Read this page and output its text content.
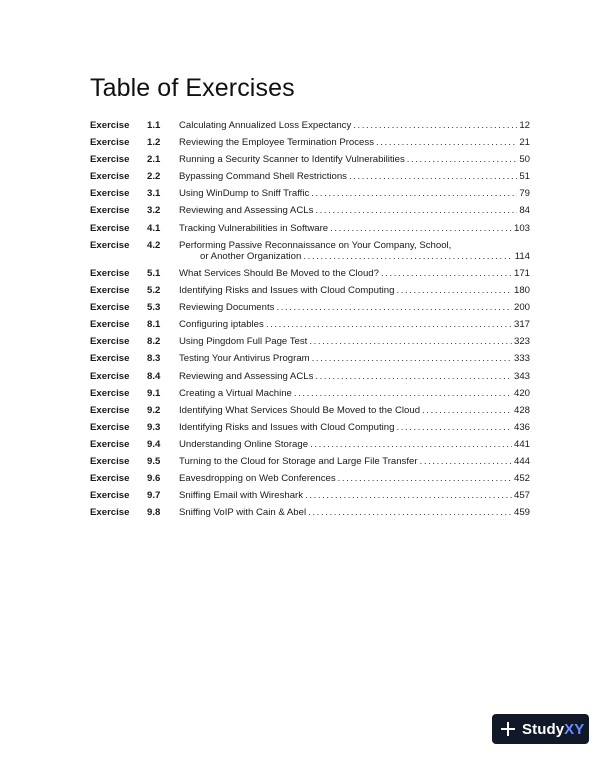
Table of Exercises
Exercise	1.1	Calculating Annualized Loss Expectancy .....	12
Exercise	1.2	Reviewing the Employee Termination Process .....	21
Exercise	2.1	Running a Security Scanner to Identify Vulnerabilities .....	50
Exercise	2.2	Bypassing Command Shell Restrictions .....	51
Exercise	3.1	Using WinDump to Sniff Traffic .....	79
Exercise	3.2	Reviewing and Assessing ACLs .....	84
Exercise	4.1	Tracking Vulnerabilities in Software .....	103
Exercise	4.2	Performing Passive Reconnaissance on Your Company, School,
or Another Organization .....	114
Exercise	5.1	What Services Should Be Moved to the Cloud? .....	171
Exercise	5.2	Identifying Risks and Issues with Cloud Computing .....	180
Exercise	5.3	Reviewing Documents .....	200
Exercise	8.1	Configuring iptables .....	317
Exercise	8.2	Using Pingdom Full Page Test .....	323
Exercise	8.3	Testing Your Antivirus Program .....	333
Exercise	8.4	Reviewing and Assessing ACLs .....	343
Exercise	9.1	Creating a Virtual Machine .....	420
Exercise	9.2	Identifying What Services Should Be Moved to the Cloud .....	428
Exercise	9.3	Identifying Risks and Issues with Cloud Computing .....	436
Exercise	9.4	Understanding Online Storage .....	441
Exercise	9.5	Turning to the Cloud for Storage and Large File Transfer .....	444
Exercise	9.6	Eavesdropping on Web Conferences .....	452
Exercise	9.7	Sniffing Email with Wireshark .....	457
Exercise	9.8	Sniffing VoIP with Cain & Abel .....	459
StudyXY
